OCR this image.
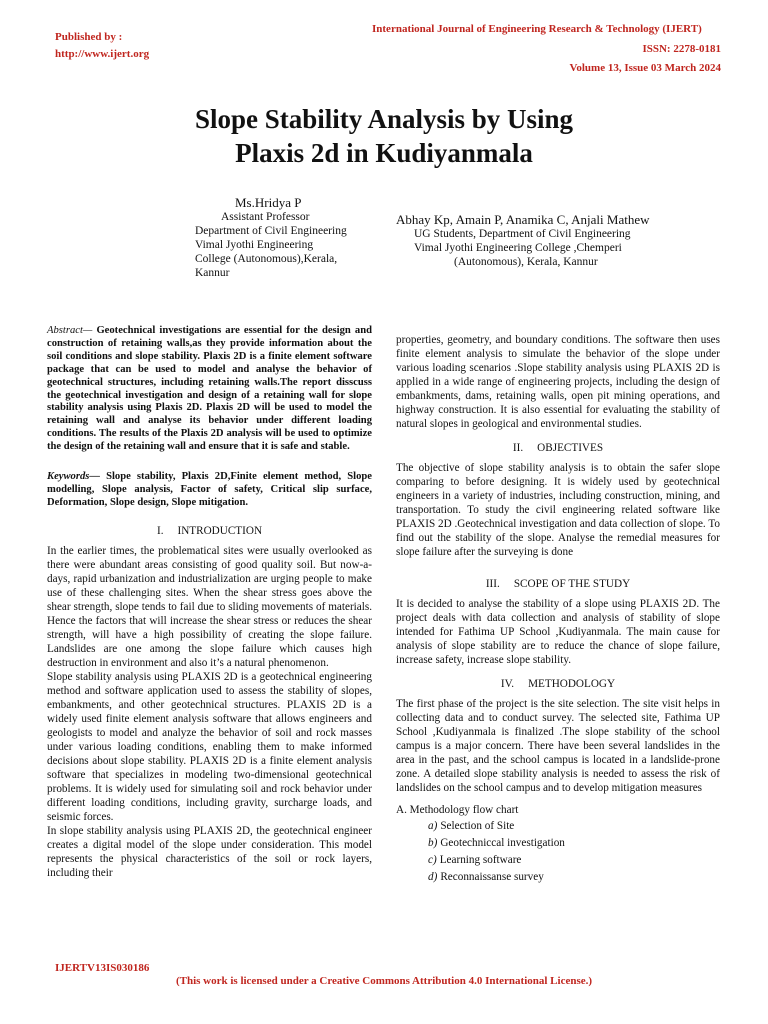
Published by :
http://www.ijert.org
International Journal of Engineering Research & Technology (IJERT)
ISSN: 2278-0181
Volume 13, Issue 03 March 2024
Slope Stability Analysis by Using
Plaxis 2d in Kudiyanmala
Ms.Hridya P
Assistant Professor
Department of Civil Engineering
Vimal Jyothi Engineering
College (Autonomous),Kerala,
Kannur
Abhay Kp, Amain P, Anamika C, Anjali Mathew
UG Students, Department of Civil Engineering
Vimal Jyothi Engineering College ,Chemperi
(Autonomous), Kerala, Kannur

Abstract— Geotechnical investigations are essential for the design and construction of retaining walls,as they provide information about the soil conditions and slope stability. Plaxis 2D is a finite element software package that can be used to model and analyse the behavior of geotechnical structures, including retaining walls.The report disscuss the geotechnical investigation and design of a retaining wall for slope stability analysis using Plaxis 2D. Plaxis 2D will be used to model the retaining wall and analyse its behavior under different loading conditions. The results of the Plaxis 2D analysis will be used to optimize the design of the retaining wall and ensure that it is safe and stable.

Keywords— Slope stability, Plaxis 2D,Finite element method, Slope modelling, Slope analysis, Factor of safety, Critical slip surface, Deformation, Slope design, Slope mitigation.

I. INTRODUCTION

In the earlier times, the problematical sites were usually overlooked as there were abundant areas consisting of good quality soil. But now-a-days, rapid urbanization and industrialization are urging people to make use of these challenging sites. When the shear stress goes above the shear strength, slope tends to fail due to sliding movements of materials. Hence the factors that will increase the shear stress or reduces the shear strength, will have a high possibility of creating the slope failure. Landslides are one among the slope failure which causes high destruction in environment and also it’s a natural phenomenon.

Slope stability analysis using PLAXIS 2D is a geotechnical engineering method and software application used to assess the stability of slopes, embankments, and other geotechnical structures. PLAXIS 2D is a widely used finite element analysis software that allows engineers and geologists to model and analyze the behavior of soil and rock masses under various loading conditions, enabling them to make informed decisions about slope stability. PLAXIS 2D is a finite element analysis software that specializes in modeling two-dimensional geotechnical problems. It is widely used for simulating soil and rock behavior under different loading conditions, including gravity, surcharge loads, and seismic forces.

In slope stability analysis using PLAXIS 2D, the geotechnical engineer creates a digital model of the slope under consideration. This model represents the physical characteristics of the soil or rock layers, including their

properties, geometry, and boundary conditions. The software then uses finite element analysis to simulate the behavior of the slope under various loading scenarios .Slope stability analysis using PLAXIS 2D is applied in a wide range of engineering projects, including the design of embankments, dams, retaining walls, open pit mining operations, and highway construction. It is also essential for evaluating the stability of natural slopes in geological and environmental studies.

II. OBJECTIVES

The objective of slope stability analysis is to obtain the safer slope comparing to before designing. It is widely used by geotechnical engineers in a variety of industries, including construction, mining, and transportation. To study the civil engineering related software like PLAXIS 2D .Geotechnical investigation and data collection of slope. To find out the stability of the slope. Analyse the remedial measures for slope failure after the surveying is done

III. SCOPE OF THE STUDY

It is decided to analyse the stability of a slope using PLAXIS 2D. The project deals with data collection and analysis of stability of slope intended for Fathima UP School ,Kudiyanmala. The main cause for analysis of slope stability are to reduce the chance of slope failure, increase safety, increase slope stability.

IV. METHODOLOGY

The first phase of the project is the site selection. The site visit helps in collecting data and to conduct survey. The selected site, Fathima UP School ,Kudiyanmala is finalized .The slope stability of the school campus is a major concern. There have been several landslides in the area in the past, and the school campus is located in a landslide-prone zone. A detailed slope stability analysis is needed to assess the risk of landslides on the school campus and to develop mitigation measures

A. Methodology flow chart

a) Selection of Site
b) Geotechniccal investigation
c) Learning software
d) Reconnaissanse survey
IJERTV13IS030186
(This work is licensed under a Creative Commons Attribution 4.0 International License.)
